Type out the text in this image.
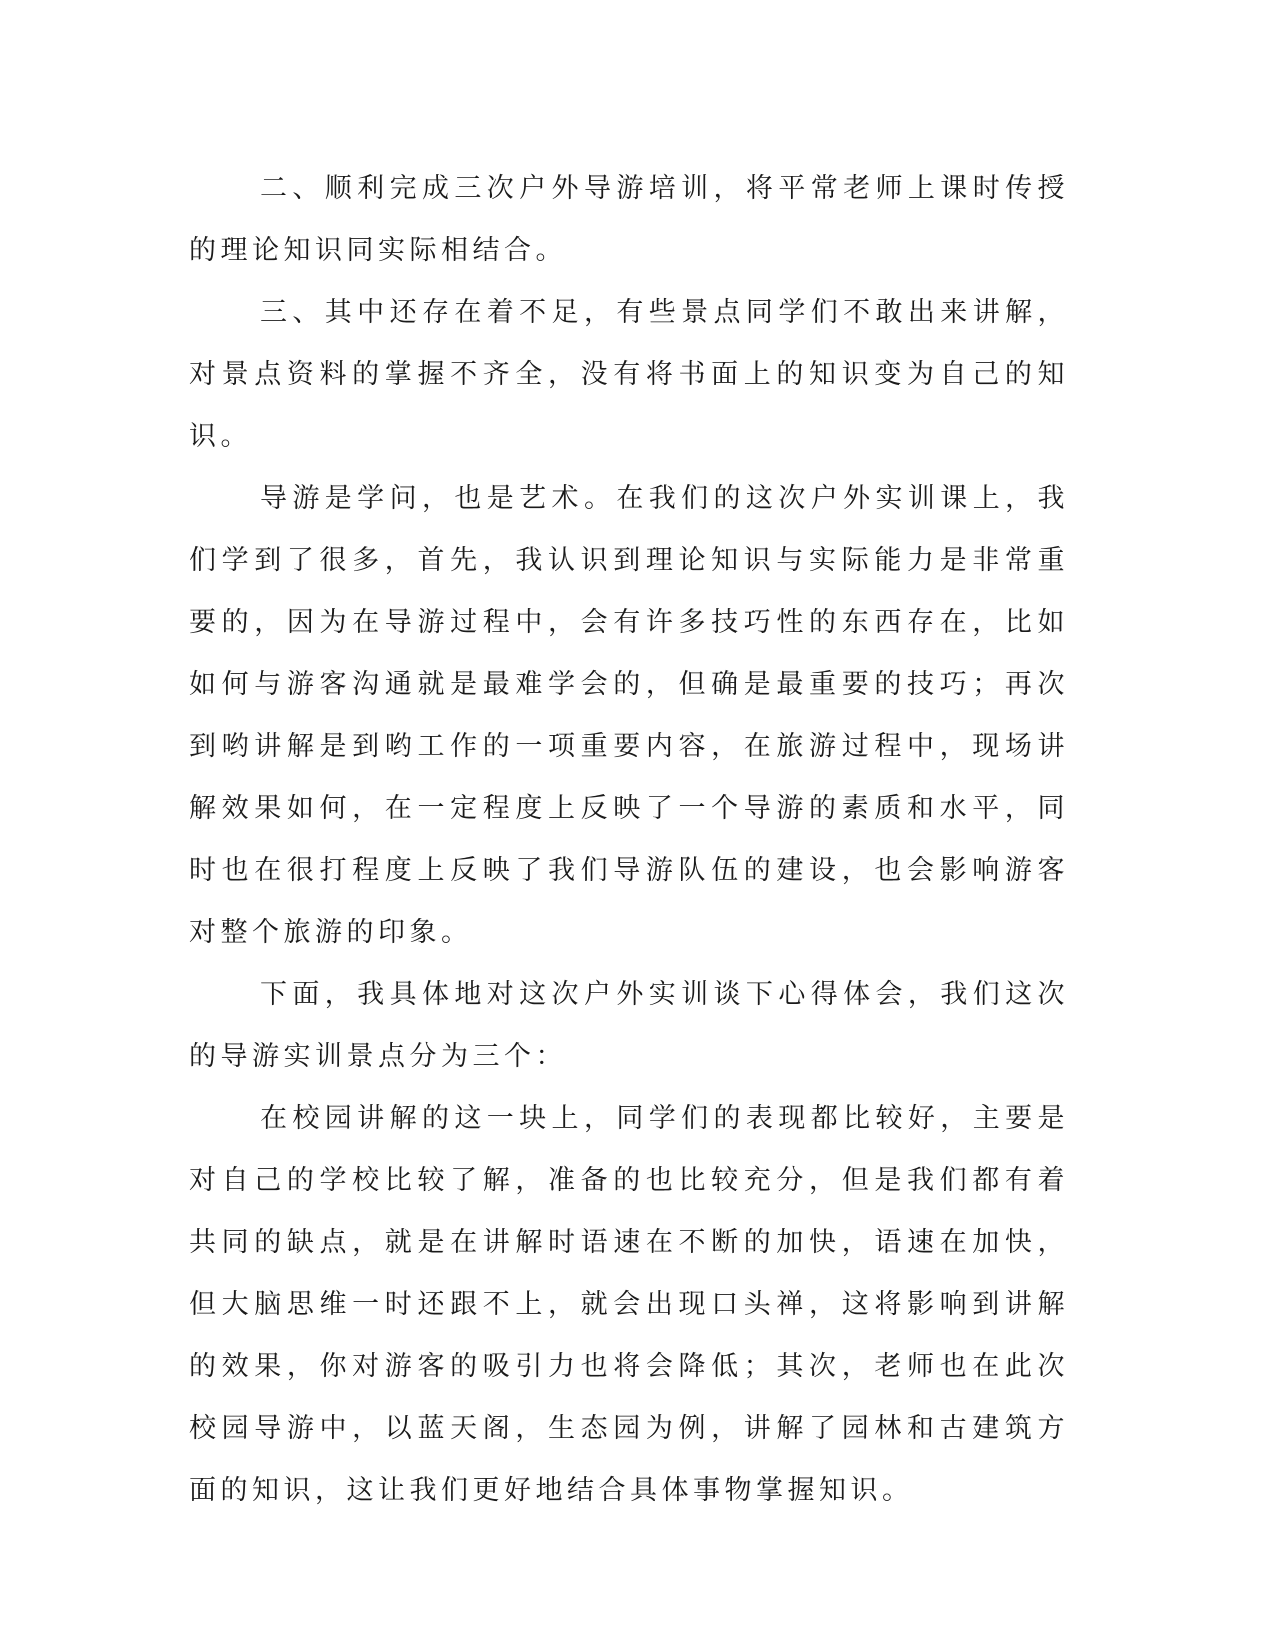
二、顺利完成三次户外导游培训，将平常老师上课时传授的理论知识同实际相结合。

三、其中还存在着不足，有些景点同学们不敢出来讲解，对景点资料的掌握不齐全，没有将书面上的知识变为自己的知识。

导游是学问，也是艺术。在我们的这次户外实训课上，我们学到了很多，首先，我认识到理论知识与实际能力是非常重要的，因为在导游过程中，会有许多技巧性的东西存在，比如如何与游客沟通就是最难学会的，但确是最重要的技巧；再次到哟讲解是到哟工作的一项重要内容，在旅游过程中，现场讲解效果如何，在一定程度上反映了一个导游的素质和水平，同时也在很打程度上反映了我们导游队伍的建设，也会影响游客对整个旅游的印象。

下面，我具体地对这次户外实训谈下心得体会，我们这次的导游实训景点分为三个：

在校园讲解的这一块上，同学们的表现都比较好，主要是对自己的学校比较了解，准备的也比较充分，但是我们都有着共同的缺点，就是在讲解时语速在不断的加快，语速在加快，但大脑思维一时还跟不上，就会出现口头禅，这将影响到讲解的效果，你对游客的吸引力也将会降低；其次，老师也在此次校园导游中，以蓝天阁，生态园为例，讲解了园林和古建筑方面的知识，这让我们更好地结合具体事物掌握知识。
